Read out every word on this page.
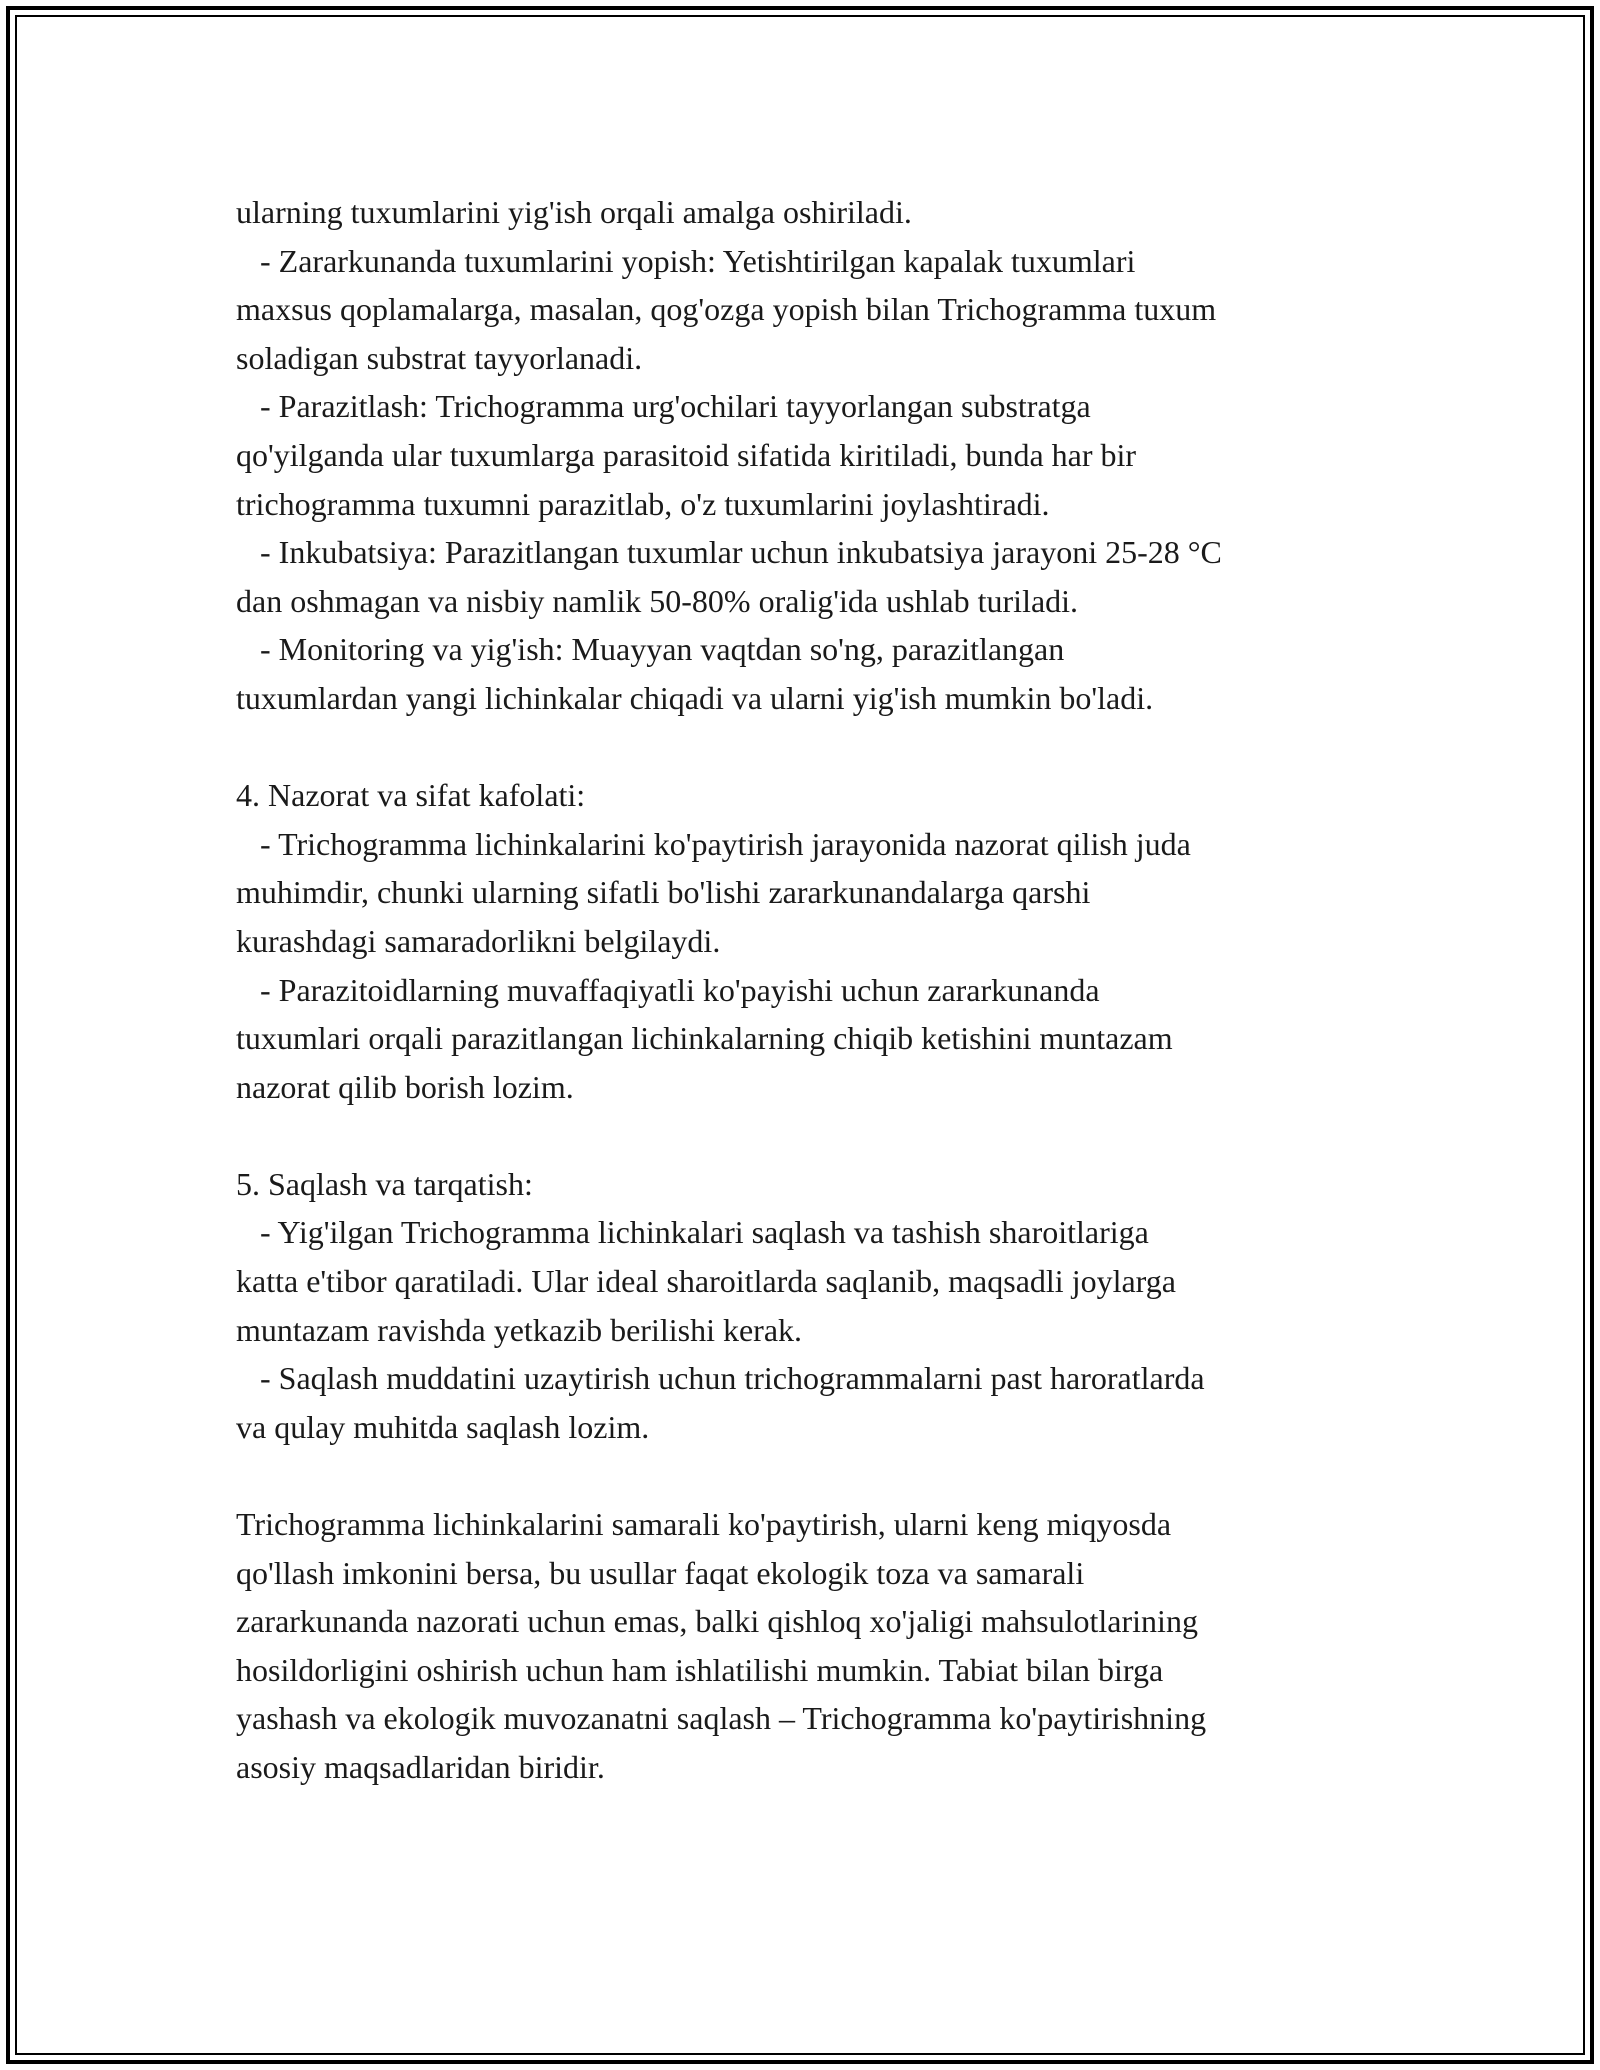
ularning tuxumlarini yig'ish orqali amalga oshiriladi.
- Zararkunanda tuxumlarini yopish: Yetishtirilgan kapalak tuxumlari
maxsus qoplamalarga, masalan, qog'ozga yopish bilan Trichogramma tuxum
soladigan substrat tayyorlanadi.
- Parazitlash: Trichogramma urg'ochilari tayyorlangan substratga
qo'yilganda ular tuxumlarga parasitoid sifatida kiritiladi, bunda har bir
trichogramma tuxumni parazitlab, o'z tuxumlarini joylashtiradi.
- Inkubatsiya: Parazitlangan tuxumlar uchun inkubatsiya jarayoni 25-28 °C
dan oshmagan va nisbiy namlik 50-80% oralig'ida ushlab turiladi.
- Monitoring va yig'ish: Muayyan vaqtdan so'ng, parazitlangan
tuxumlardan yangi lichinkalar chiqadi va ularni yig'ish mumkin bo'ladi.
4. Nazorat va sifat kafolati:
- Trichogramma lichinkalarini ko'paytirish jarayonida nazorat qilish juda
muhimdir, chunki ularning sifatli bo'lishi zararkunandalarga qarshi
kurashdagi samaradorlikni belgilaydi.
- Parazitoidlarning muvaffaqiyatli ko'payishi uchun zararkunanda
tuxumlari orqali parazitlangan lichinkalarning chiqib ketishini muntazam
nazorat qilib borish lozim.
5. Saqlash va tarqatish:
- Yig'ilgan Trichogramma lichinkalari saqlash va tashish sharoitlariga
katta e'tibor qaratiladi. Ular ideal sharoitlarda saqlanib, maqsadli joylarga
muntazam ravishda yetkazib berilishi kerak.
- Saqlash muddatini uzaytirish uchun trichogrammalarni past haroratlarda
va qulay muhitda saqlash lozim.
Trichogramma lichinkalarini samarali ko'paytirish, ularni keng miqyosda
qo'llash imkonini bersa, bu usullar faqat ekologik toza va samarali
zararkunanda nazorati uchun emas, balki qishloq xo'jaligi mahsulotlarining
hosildorligini oshirish uchun ham ishlatilishi mumkin. Tabiat bilan birga
yashash va ekologik muvozanatni saqlash – Trichogramma ko'paytirishning
asosiy maqsadlaridan biridir.
